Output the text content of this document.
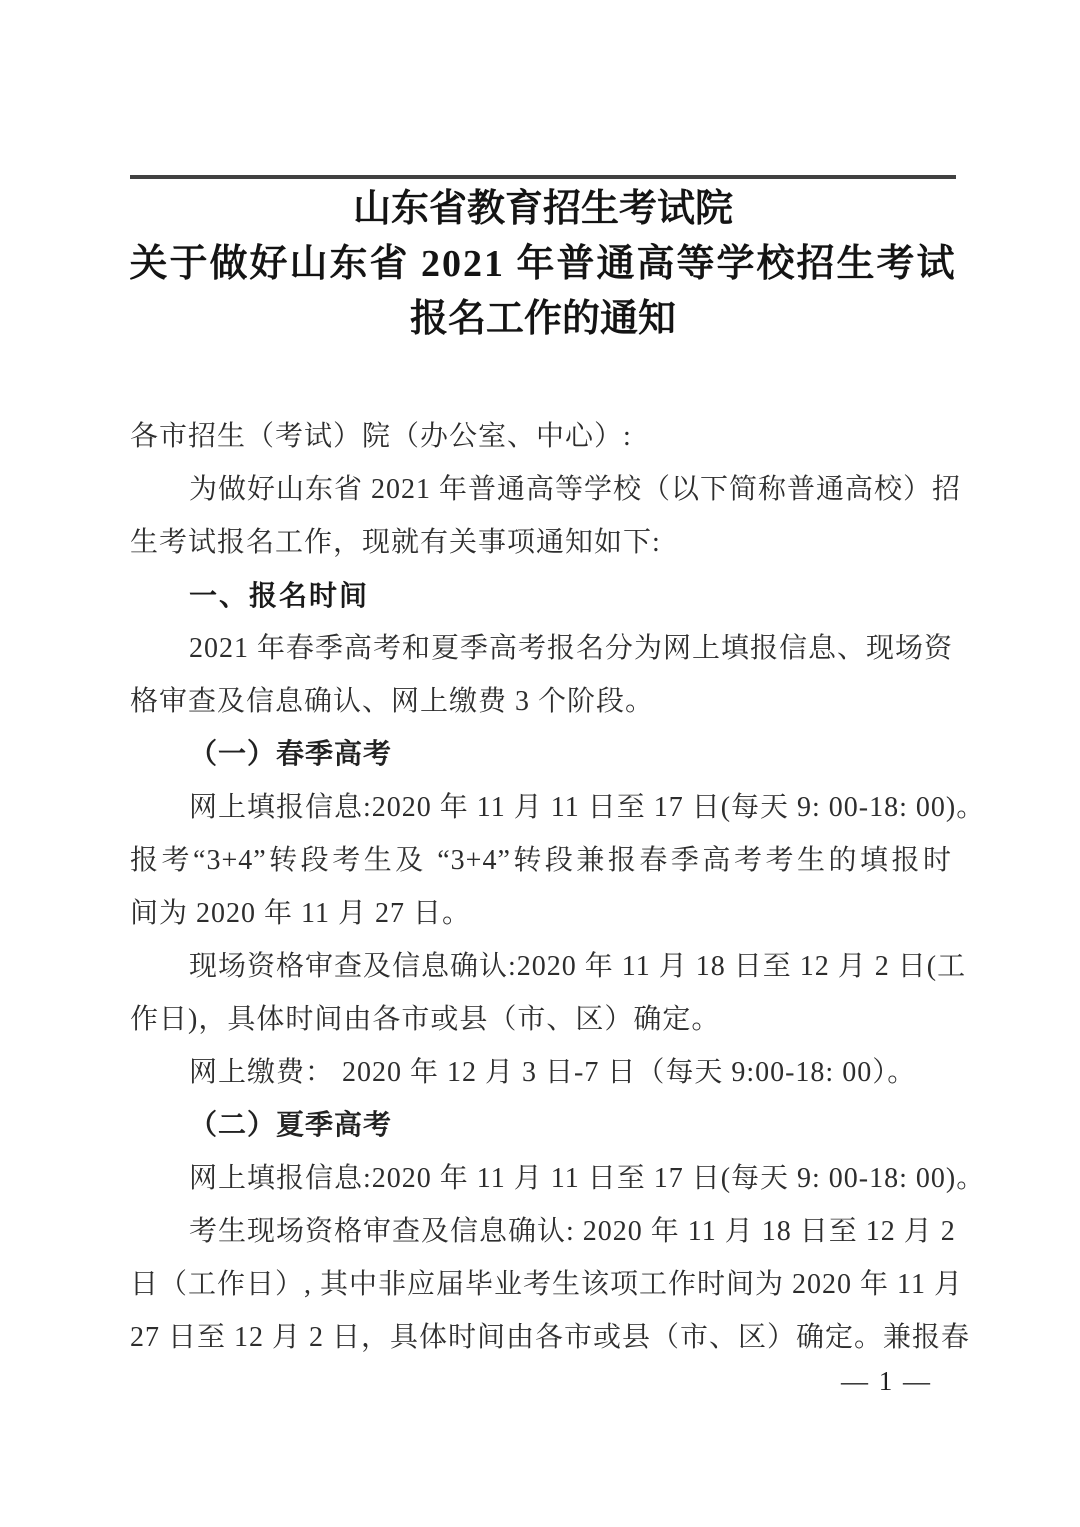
山东省教育招生考试院
关于做好山东省 2021 年普通高等学校招生考试
报名工作的通知
各市招生（考试）院（办公室、中心）:
为做好山东省 2021 年普通高等学校（以下简称普通高校）招
生考试报名工作，现就有关事项通知如下:
一、报名时间
2021 年春季高考和夏季高考报名分为网上填报信息、现场资
格审查及信息确认、网上缴费 3 个阶段。
（一）春季高考
网上填报信息:2020 年 11 月 11 日至 17 日(每天 9: 00-18: 00)。
报考“3+4”转段考生及 “3+4”转段兼报春季高考考生的填报时
间为 2020 年 11 月 27 日。
现场资格审查及信息确认:2020 年 11 月 18 日至 12 月 2 日(工
作日)，具体时间由各市或县（市、区）确定。
网上缴费： 2020 年 12 月 3 日-7 日（每天 9:00-18: 00）。
（二）夏季高考
网上填报信息:2020 年 11 月 11 日至 17 日(每天 9: 00-18: 00)。
考生现场资格审查及信息确认: 2020 年 11 月 18 日至 12 月 2
日（工作日）, 其中非应届毕业考生该项工作时间为 2020 年 11 月
27 日至 12 月 2 日，具体时间由各市或县（市、区）确定。兼报春
— 1 —
